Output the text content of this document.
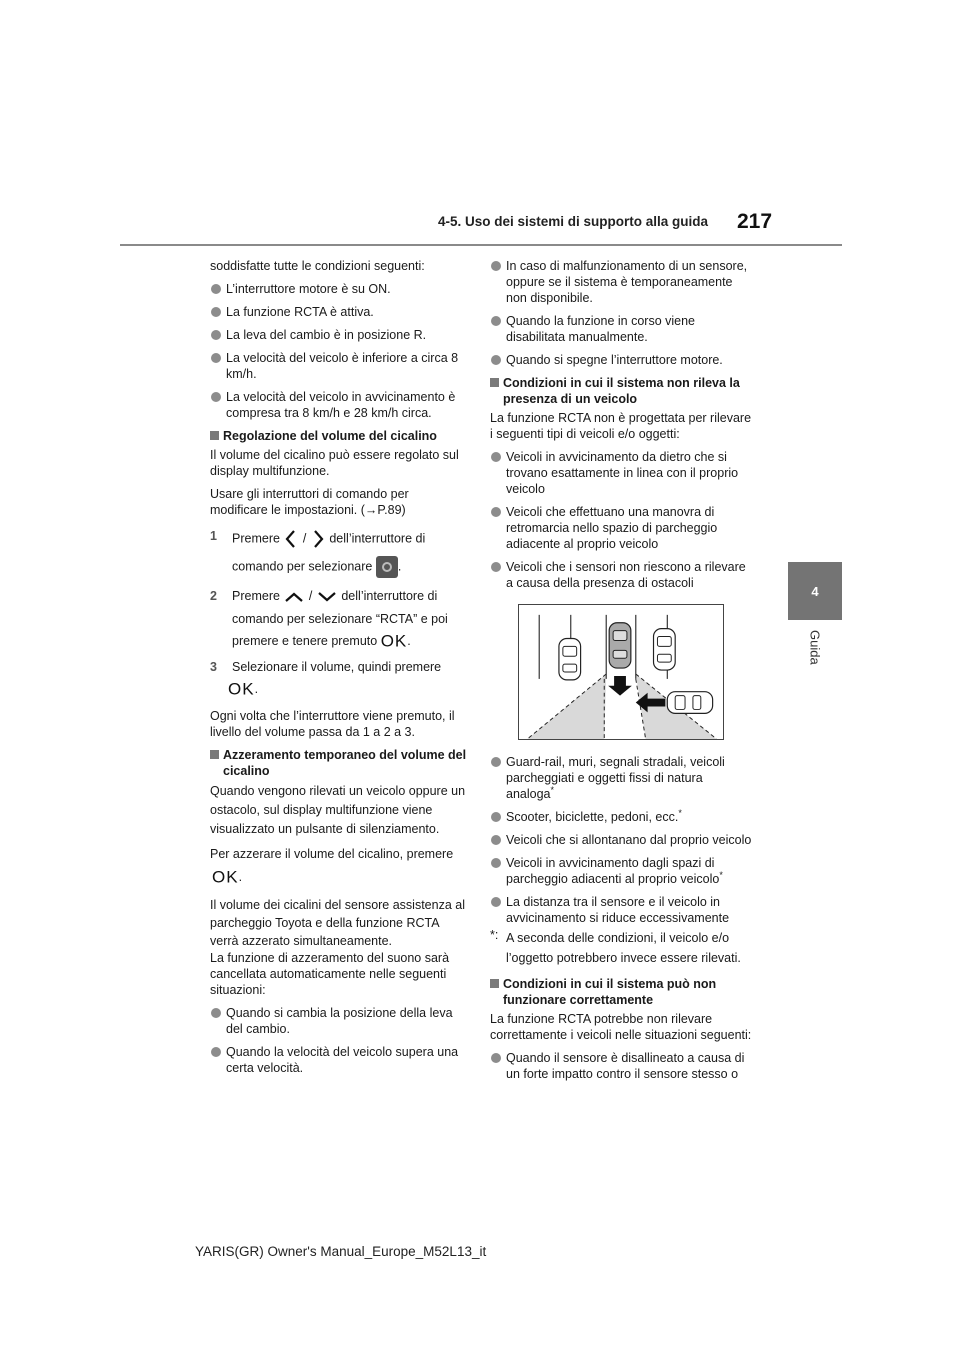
4-5. Uso dei sistemi di supporto alla guida 217
4
Guida

soddisfatte tutte le condizioni seguenti:

L’interruttore motore è su ON.

La funzione RCTA è attiva.

La leva del cambio è in posizione R.

La velocità del veicolo è inferiore a circa 8 km/h.

La velocità del veicolo in avvicinamento è compresa tra 8 km/h e 28 km/h circa.

Regolazione del volume del cicalino

Il volume del cicalino può essere regolato sul display multifunzione.

Usare gli interruttori di comando per modificare le impostazioni. (→P.89)

1 Premere / dell’interruttore di
comando per selezionare .
2 Premere / dell’interruttore di
comando per selezionare “RCTA” e poi
premere e tenere premuto OK.
3 Selezionare il volume, quindi premere
OK.

Ogni volta che l’interruttore viene premuto, il livello del volume passa da 1 a 2 a 3.

Azzeramento temporaneo del volume del cicalino

Quando vengono rilevati un veicolo oppure un ostacolo, sul display multifunzione viene visualizzato un pulsante di silenziamento.

Per azzerare il volume del cicalino, premere

OK.

Il volume dei cicalini del sensore assistenza al parcheggio Toyota e della funzione RCTA verrà azzerato simultaneamente.

La funzione di azzeramento del suono sarà cancellata automaticamente nelle seguenti situazioni:

Quando si cambia la posizione della leva del cambio.

Quando la velocità del veicolo supera una certa velocità.

In caso di malfunzionamento di un sensore, oppure se il sistema è temporaneamente non disponibile.

Quando la funzione in corso viene disabilitata manualmente.

Quando si spegne l’interruttore motore.

Condizioni in cui il sistema non rileva la presenza di un veicolo

La funzione RCTA non è progettata per rilevare i seguenti tipi di veicoli e/o oggetti:

Veicoli in avvicinamento da dietro che si trovano esattamente in linea con il proprio veicolo

Veicoli che effettuano una manovra di retromarcia nello spazio di parcheggio adiacente al proprio veicolo

Veicoli che i sensori non riescono a rilevare a causa della presenza di ostacoli

Guard-rail, muri, segnali stradali, veicoli parcheggiati e oggetti fissi di natura analoga*

Scooter, biciclette, pedoni, ecc.*

Veicoli che si allontanano dal proprio veicolo

Veicoli in avvicinamento dagli spazi di parcheggio adiacenti al proprio veicolo*

La distanza tra il sensore e il veicolo in avvicinamento si riduce eccessivamente

*: A seconda delle condizioni, il veicolo e/o l’oggetto potrebbero invece essere rilevati.

Condizioni in cui il sistema può non funzionare correttamente

La funzione RCTA potrebbe non rilevare correttamente i veicoli nelle situazioni seguenti:

Quando il sensore è disallineato a causa di un forte impatto contro il sensore stesso o

YARIS(GR) Owner's Manual_Europe_M52L13_it
